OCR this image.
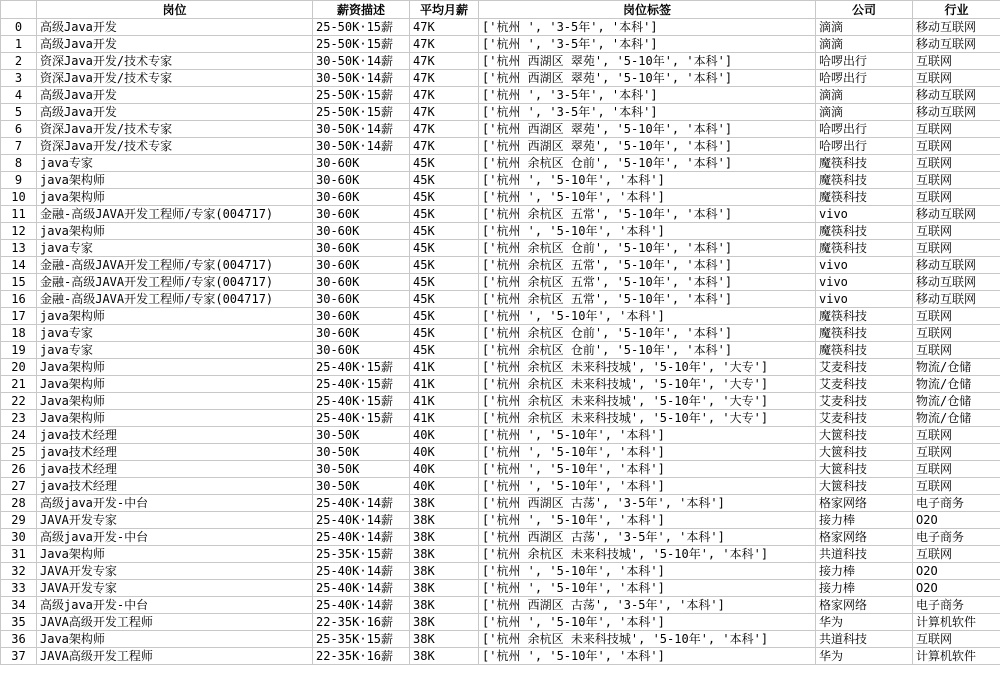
	岗位	薪资描述	平均月薪	岗位标签	公司	行业
0	高级Java开发	25-50K·15薪	47K	['杭州 ', '3-5年', '本科']	滴滴	移动互联网
1	高级Java开发	25-50K·15薪	47K	['杭州 ', '3-5年', '本科']	滴滴	移动互联网
2	资深Java开发/技术专家	30-50K·14薪	47K	['杭州 西湖区 翠苑', '5-10年', '本科']	哈啰出行	互联网
3	资深Java开发/技术专家	30-50K·14薪	47K	['杭州 西湖区 翠苑', '5-10年', '本科']	哈啰出行	互联网
4	高级Java开发	25-50K·15薪	47K	['杭州 ', '3-5年', '本科']	滴滴	移动互联网
5	高级Java开发	25-50K·15薪	47K	['杭州 ', '3-5年', '本科']	滴滴	移动互联网
6	资深Java开发/技术专家	30-50K·14薪	47K	['杭州 西湖区 翠苑', '5-10年', '本科']	哈啰出行	互联网
7	资深Java开发/技术专家	30-50K·14薪	47K	['杭州 西湖区 翠苑', '5-10年', '本科']	哈啰出行	互联网
8	java专家	30-60K	45K	['杭州 余杭区 仓前', '5-10年', '本科']	魔筷科技	互联网
9	java架构师	30-60K	45K	['杭州 ', '5-10年', '本科']	魔筷科技	互联网
10	java架构师	30-60K	45K	['杭州 ', '5-10年', '本科']	魔筷科技	互联网
11	金融-高级JAVA开发工程师/专家(004717)	30-60K	45K	['杭州 余杭区 五常', '5-10年', '本科']	vivo	移动互联网
12	java架构师	30-60K	45K	['杭州 ', '5-10年', '本科']	魔筷科技	互联网
13	java专家	30-60K	45K	['杭州 余杭区 仓前', '5-10年', '本科']	魔筷科技	互联网
14	金融-高级JAVA开发工程师/专家(004717)	30-60K	45K	['杭州 余杭区 五常', '5-10年', '本科']	vivo	移动互联网
15	金融-高级JAVA开发工程师/专家(004717)	30-60K	45K	['杭州 余杭区 五常', '5-10年', '本科']	vivo	移动互联网
16	金融-高级JAVA开发工程师/专家(004717)	30-60K	45K	['杭州 余杭区 五常', '5-10年', '本科']	vivo	移动互联网
17	java架构师	30-60K	45K	['杭州 ', '5-10年', '本科']	魔筷科技	互联网
18	java专家	30-60K	45K	['杭州 余杭区 仓前', '5-10年', '本科']	魔筷科技	互联网
19	java专家	30-60K	45K	['杭州 余杭区 仓前', '5-10年', '本科']	魔筷科技	互联网
20	Java架构师	25-40K·15薪	41K	['杭州 余杭区 未来科技城', '5-10年', '大专']	艾麦科技	物流/仓储
21	Java架构师	25-40K·15薪	41K	['杭州 余杭区 未来科技城', '5-10年', '大专']	艾麦科技	物流/仓储
22	Java架构师	25-40K·15薪	41K	['杭州 余杭区 未来科技城', '5-10年', '大专']	艾麦科技	物流/仓储
23	Java架构师	25-40K·15薪	41K	['杭州 余杭区 未来科技城', '5-10年', '大专']	艾麦科技	物流/仓储
24	java技术经理	30-50K	40K	['杭州 ', '5-10年', '本科']	大篋科技	互联网
25	java技术经理	30-50K	40K	['杭州 ', '5-10年', '本科']	大篋科技	互联网
26	java技术经理	30-50K	40K	['杭州 ', '5-10年', '本科']	大篋科技	互联网
27	java技术经理	30-50K	40K	['杭州 ', '5-10年', '本科']	大篋科技	互联网
28	高级java开发-中台	25-40K·14薪	38K	['杭州 西湖区 古荡', '3-5年', '本科']	格家网络	电子商务
29	JAVA开发专家	25-40K·14薪	38K	['杭州 ', '5-10年', '本科']	接力棒	O2O
30	高级java开发-中台	25-40K·14薪	38K	['杭州 西湖区 古荡', '3-5年', '本科']	格家网络	电子商务
31	Java架构师	25-35K·15薪	38K	['杭州 余杭区 未来科技城', '5-10年', '本科']	共道科技	互联网
32	JAVA开发专家	25-40K·14薪	38K	['杭州 ', '5-10年', '本科']	接力棒	O2O
33	JAVA开发专家	25-40K·14薪	38K	['杭州 ', '5-10年', '本科']	接力棒	O2O
34	高级java开发-中台	25-40K·14薪	38K	['杭州 西湖区 古荡', '3-5年', '本科']	格家网络	电子商务
35	JAVA高级开发工程师	22-35K·16薪	38K	['杭州 ', '5-10年', '本科']	华为	计算机软件
36	Java架构师	25-35K·15薪	38K	['杭州 余杭区 未来科技城', '5-10年', '本科']	共道科技	互联网
37	JAVA高级开发工程师	22-35K·16薪	38K	['杭州 ', '5-10年', '本科']	华为	计算机软件
